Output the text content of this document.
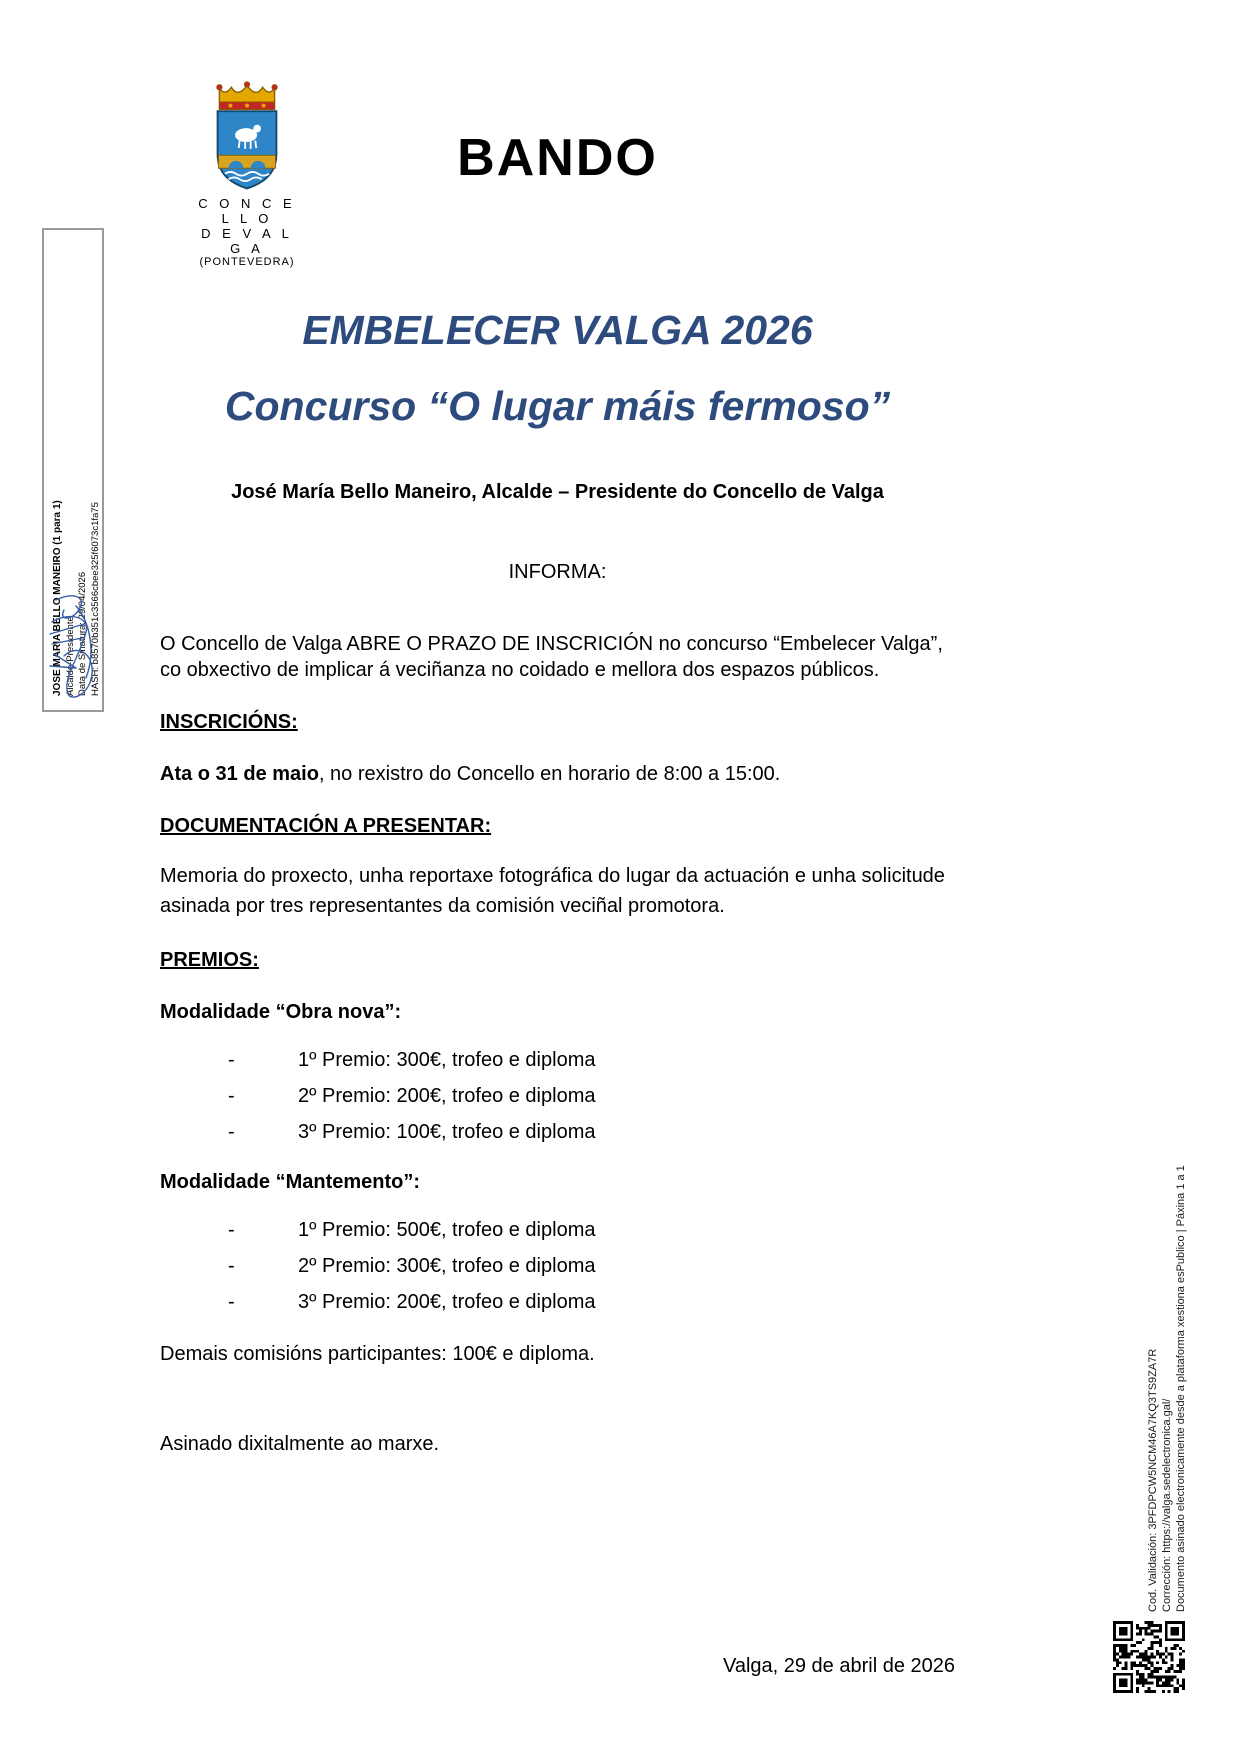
C O N C E L L O
D E V A L G A
(PONTEVEDRA)
BANDO
JOSE MARIA BELLO MANEIRO (1 para 1) Alcalde-Presidente Data de Sinatura: 29/04/2026 HASH: b8570b351c3566cbee325f6073c1fa75
EMBELECER VALGA 2026
Concurso “O lugar máis fermoso”

José María Bello Maneiro, Alcalde – Presidente do Concello de Valga

INFORMA:

O Concello de Valga ABRE O PRAZO DE INSCRICIÓN no concurso “Embelecer Valga”, co obxectivo de implicar á veciñanza no coidado e mellora dos espazos públicos.

INSCRICIÓNS:

Ata o 31 de maio, no rexistro do Concello en horario de 8:00 a 15:00.

DOCUMENTACIÓN A PRESENTAR:

Memoria do proxecto, unha reportaxe fotográfica do lugar da actuación e unha solicitude asinada por tres representantes da comisión veciñal promotora.

PREMIOS:

Modalidade “Obra nova”:

-	1º Premio: 300€, trofeo e diploma
-	2º Premio: 200€, trofeo e diploma
-	3º Premio: 100€, trofeo e diploma

Modalidade “Mantemento”:

-	1º Premio: 500€, trofeo e diploma
-	2º Premio: 300€, trofeo e diploma
-	3º Premio: 200€, trofeo e diploma

Demais comisións participantes: 100€ e diploma.

Asinado dixitalmente ao marxe.

Valga, 29 de abril de 2026

Cod. Validación: 3PFDPCW5NCM46A7KQ3TS9ZA7R Corrección: https://valga.sedelectronica.gal/ Documento asinado electronicamente desde a plataforma xestiona esPublico | Páxina 1 a 1
